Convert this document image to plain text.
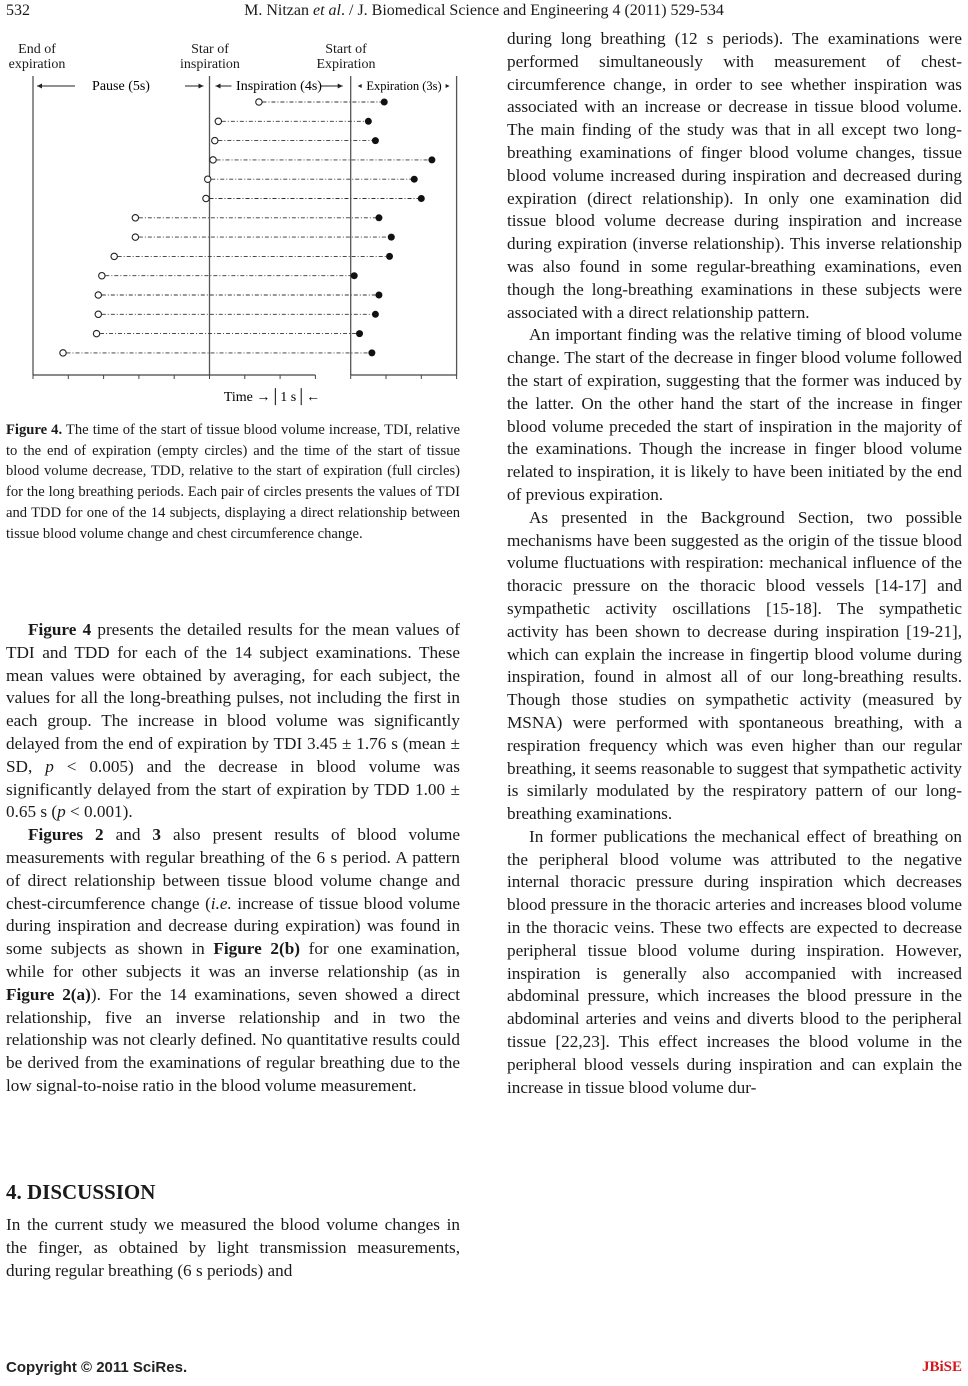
532	M. Nitzan et al. / J. Biomedical Science and Engineering 4 (2011) 529-534
End of
expiration
Star of
inspiration
Start of
Expiration
Pause (5s)	Inspiration (4s)	Expiration (3s)
Time →│1 s│←
Figure 4. The time of the start of tissue blood volume increase, TDI, relative to the end of expiration (empty circles) and the time of the start of tissue blood volume decrease, TDD, relative to the start of expiration (full circles) for the long breathing periods. Each pair of circles presents the values of TDI and TDD for one of the 14 subjects, displaying a direct relationship between tissue blood volume change and chest circumference change.

Figure 4 presents the detailed results for the mean values of TDI and TDD for each of the 14 subject examinations. These mean values were obtained by averaging, for each subject, the values for all the long-breathing pulses, not including the first in each group. The increase in blood volume was significantly delayed from the end of expiration by TDI 3.45 ± 1.76 s (mean ± SD, p < 0.005) and the decrease in blood volume was significantly delayed from the start of expiration by TDD 1.00 ± 0.65 s (p < 0.001).

Figures 2 and 3 also present results of blood volume measurements with regular breathing of the 6 s period. A pattern of direct relationship between tissue blood volume change and chest-circumference change (i.e. increase of tissue blood volume during inspiration and decrease during expiration) was found in some subjects as shown in Figure 2(b) for one examination, while for other subjects it was an inverse relationship (as in Figure 2(a)). For the 14 examinations, seven showed a direct relationship, five an inverse relationship and in two the relationship was not clearly defined. No quantitative results could be derived from the examinations of regular breathing due to the low signal-to-noise ratio in the blood volume measurement.

4. DISCUSSION

In the current study we measured the blood volume changes in the finger, as obtained by light transmission measurements, during regular breathing (6 s periods) and

during long breathing (12 s periods). The examinations were performed simultaneously with measurement of chest-circumference change, in order to see whether inspiration was associated with an increase or decrease in tissue blood volume. The main finding of the study was that in all except two long-breathing examinations of finger blood volume changes, tissue blood volume increased during inspiration and decreased during expiration (direct relationship). In only one examination did tissue blood volume decrease during inspiration and increase during expiration (inverse relationship). This inverse relationship was also found in some regular-breathing examinations, even though the long-breathing examinations in these subjects were associated with a direct relationship pattern.

An important finding was the relative timing of blood volume change. The start of the decrease in finger blood volume followed the start of expiration, suggesting that the former was induced by the latter. On the other hand the start of the increase in finger blood volume preceded the start of inspiration in the majority of the examinations. Though the increase in finger blood volume related to inspiration, it is likely to have been initiated by the end of previous expiration.

As presented in the Background Section, two possible mechanisms have been suggested as the origin of the tissue blood volume fluctuations with respiration: mechanical influence of the thoracic pressure on the thoracic blood vessels [14-17] and sympathetic activity oscillations [15-18]. The sympathetic activity has been shown to decrease during inspiration [19-21], which can explain the increase in fingertip blood volume during inspiration, found in almost all of our long-breathing results. Though those studies on sympathetic activity (measured by MSNA) were performed with spontaneous breathing, with a respiration frequency which was even higher than our regular breathing, it seems reasonable to suggest that sympathetic activity is similarly modulated by the respiratory pattern of our long-breathing examinations.

In former publications the mechanical effect of breathing on the peripheral blood volume was attributed to the negative internal thoracic pressure during inspiration which decreases blood pressure in the thoracic arteries and increases blood volume in the thoracic veins. These two effects are expected to decrease peripheral tissue blood volume during inspiration. However, inspiration is generally also accompanied with increased abdominal pressure, which increases the blood pressure in the abdominal arteries and veins and diverts blood to the peripheral tissue [22,23]. This effect increases the blood volume in the peripheral blood vessels during inspiration and can explain the increase in tissue blood volume dur-

Copyright © 2011 SciRes.	JBiSE
